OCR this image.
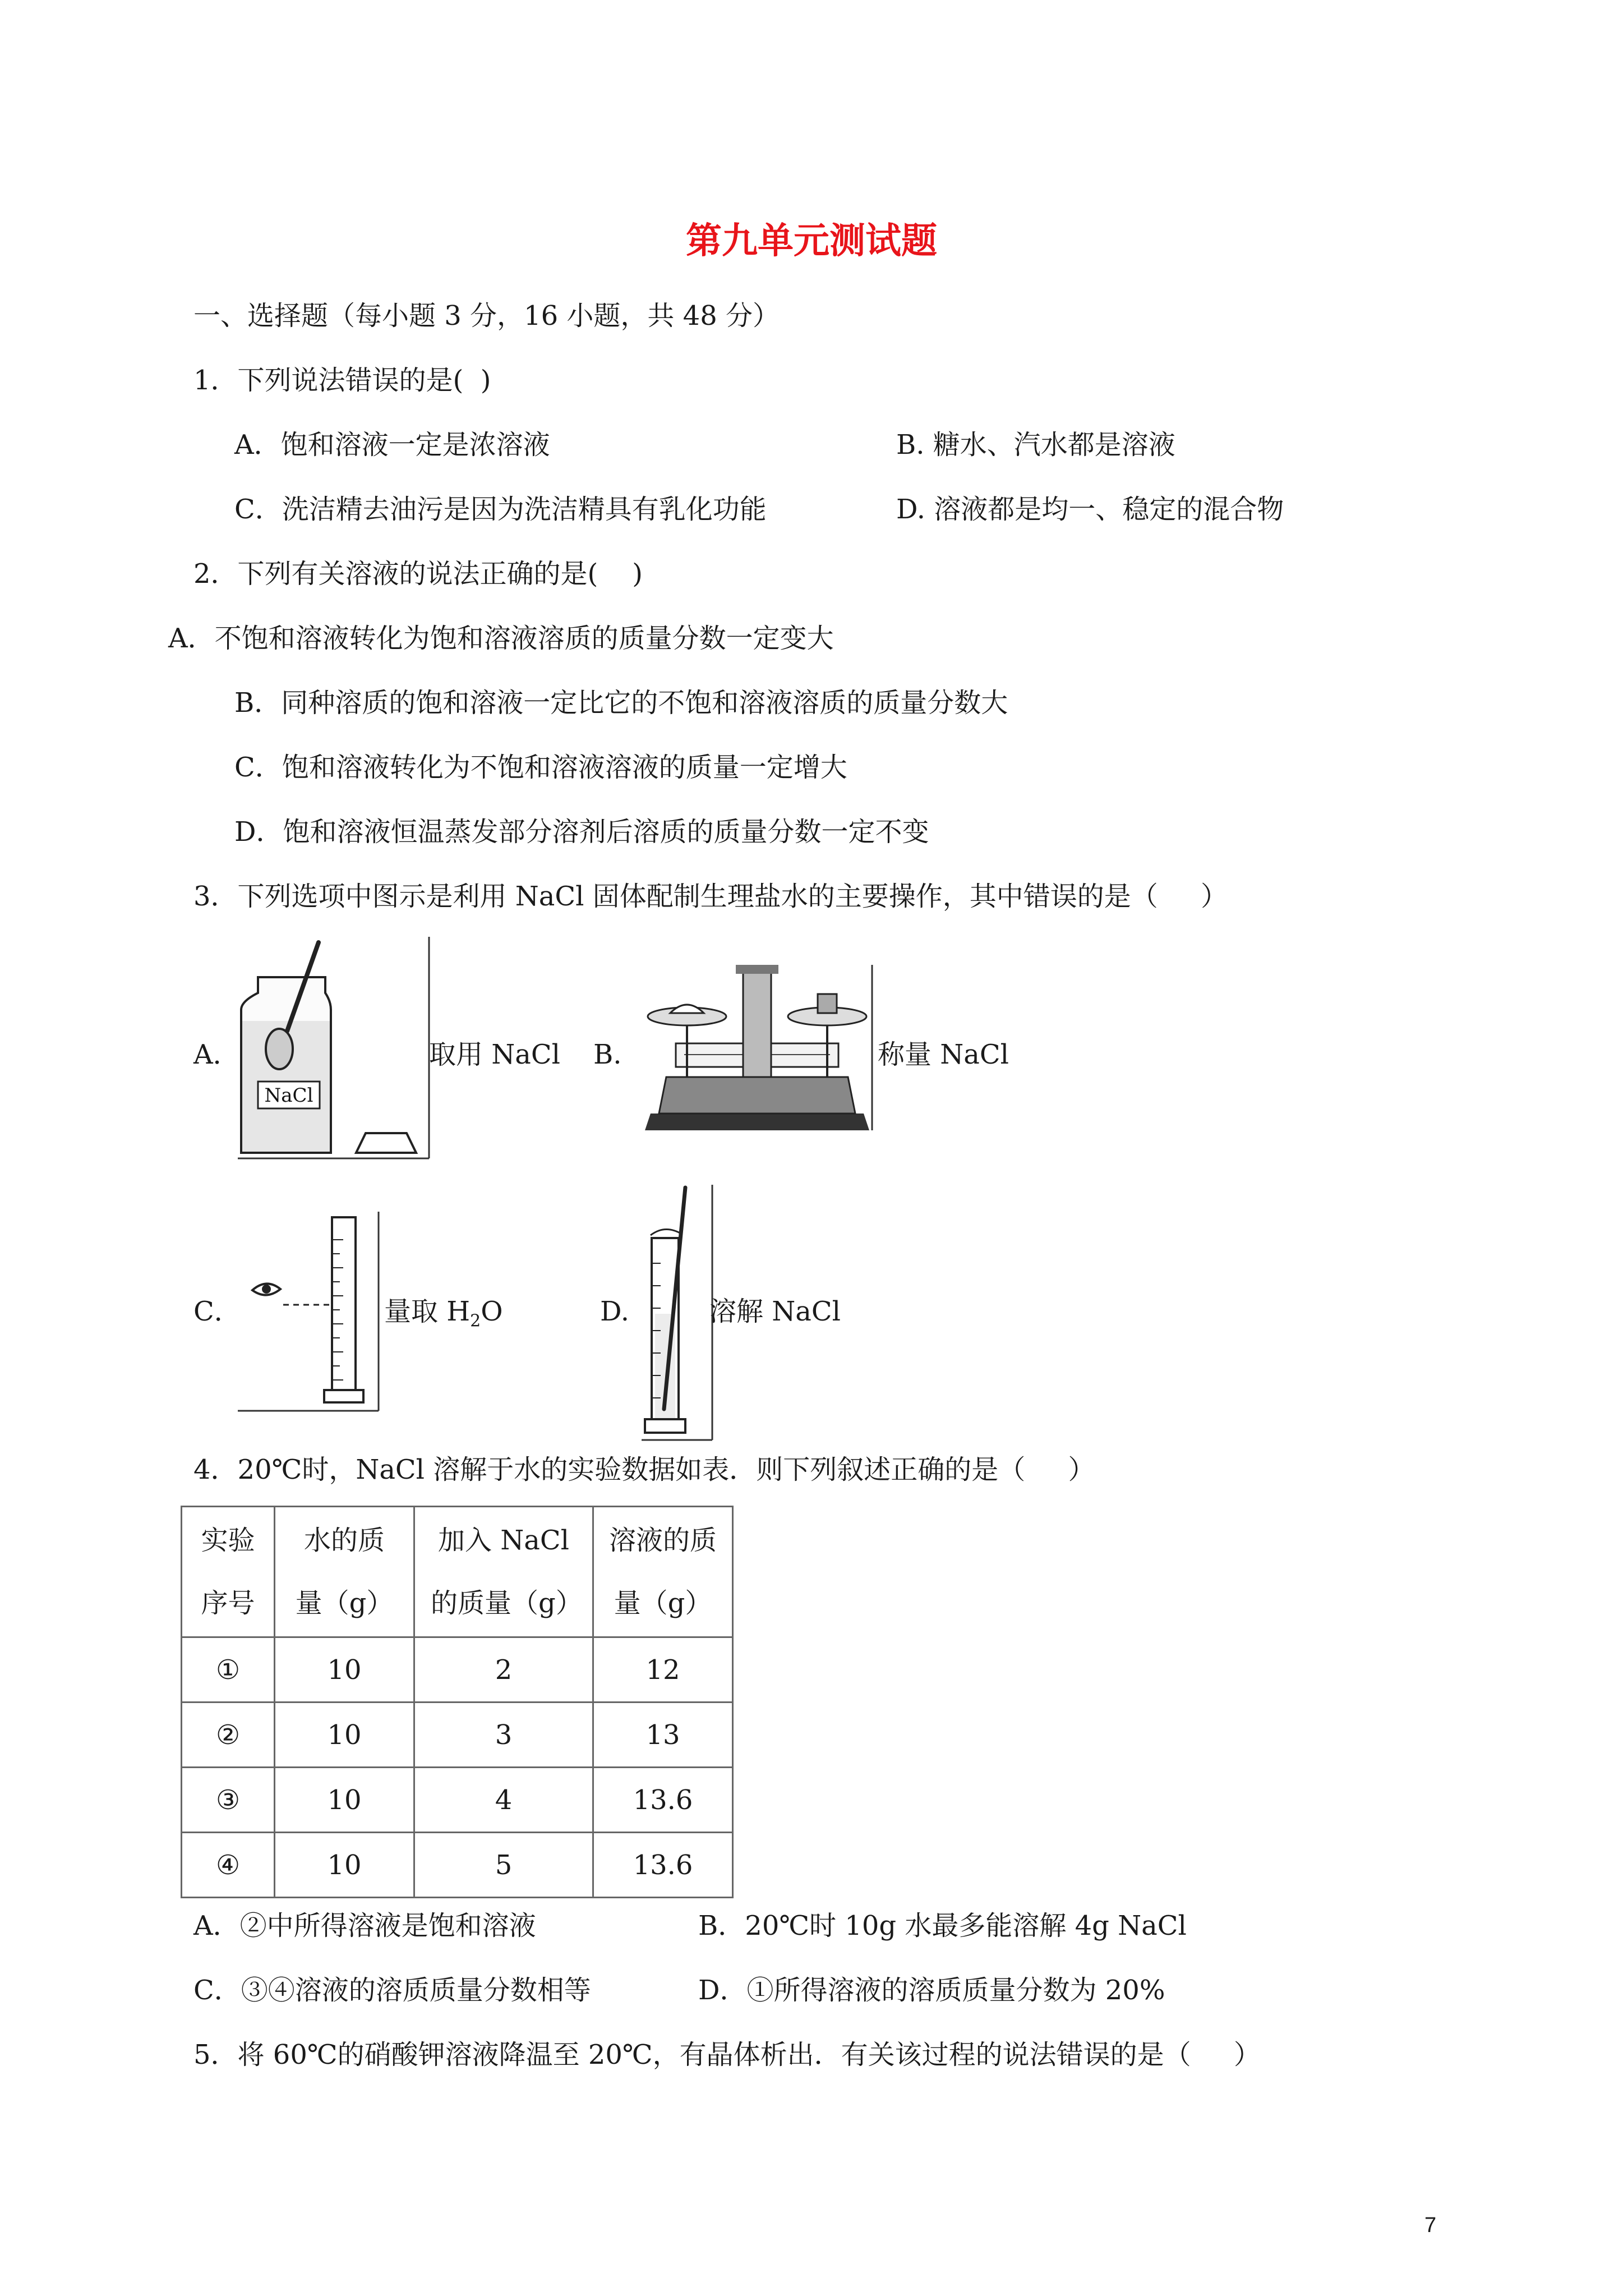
第九单元测试题
一、选择题（每小题 3 分，16 小题，共 48 分）
1．下列说法错误的是(  )
A．饱和溶液一定是浓溶液	B. 糖水、汽水都是溶液
C．洗洁精去油污是因为洗洁精具有乳化功能	D. 溶液都是均一、稳定的混合物
2．下列有关溶液的说法正确的是(    )
A．不饱和溶液转化为饱和溶液溶质的质量分数一定变大
B．同种溶质的饱和溶液一定比它的不饱和溶液溶质的质量分数大
C．饱和溶液转化为不饱和溶液溶液的质量一定增大
D．饱和溶液恒温蒸发部分溶剂后溶质的质量分数一定不变
3．下列选项中图示是利用 NaCl 固体配制生理盐水的主要操作，其中错误的是（     ）
A．
NaCl
取用 NaCl B.	称量 NaCl
C．	量取 $H_2O$	D.	溶解 NaCl
4．20℃时，NaCl 溶解于水的实验数据如表．则下列叙述正确的是（     ）
实验序号	水的质量（g）	加入 NaCl 的质量（g）	溶液的质量（g）

①	10	2	12
②	10	3	13
③	10	4	13.6
④	10	5	13.6
A．②中所得溶液是饱和溶液	B．20℃时 10g 水最多能溶解 4g NaCl
C．③④溶液的溶质质量分数相等	D．①所得溶液的溶质质量分数为 20%
5．将 60℃的硝酸钾溶液降温至 20℃，有晶体析出．有关该过程的说法错误的是（     ）
7
